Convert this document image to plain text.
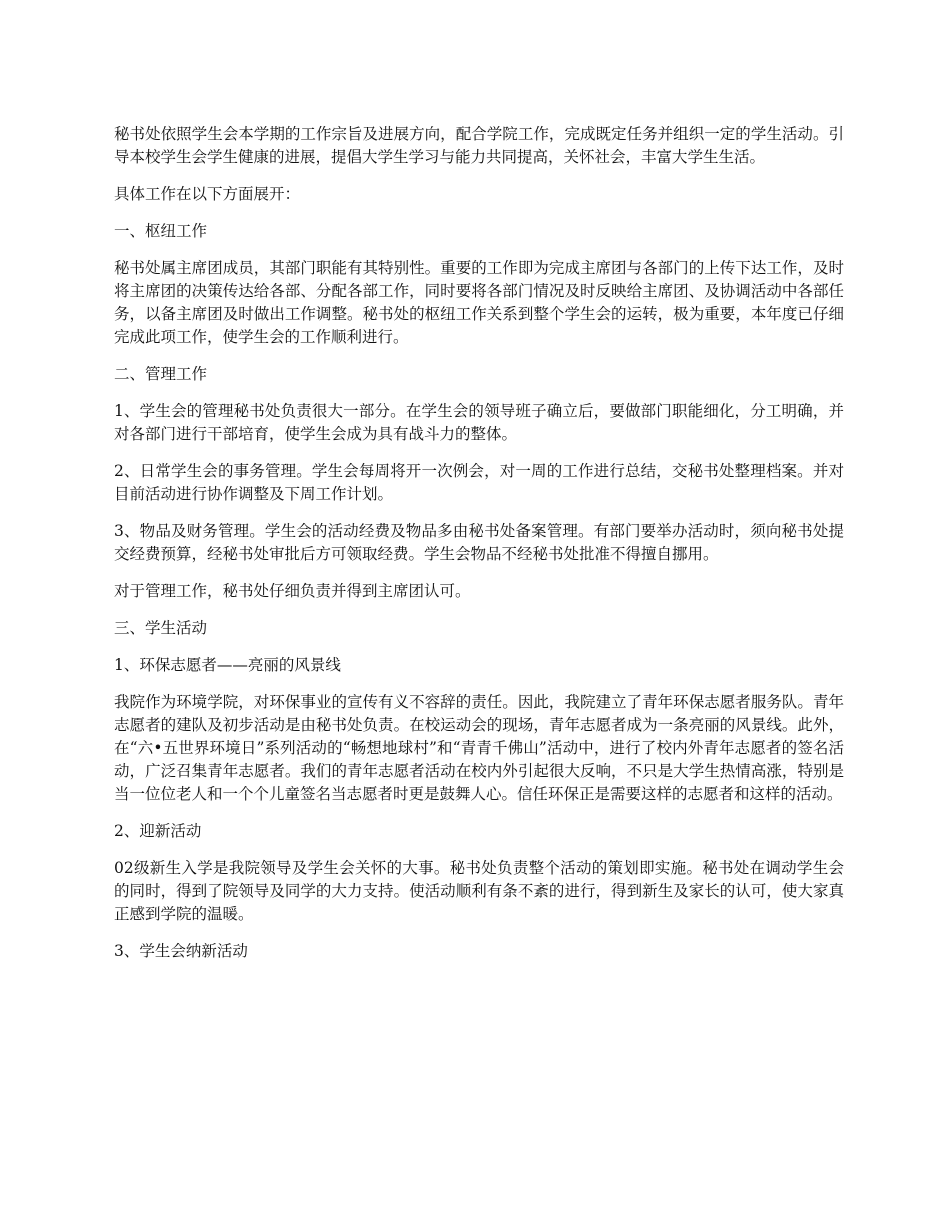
秘书处依照学生会本学期的工作宗旨及进展方向，配合学院工作，完成既定任务并组织一定的学生活动。引导本校学生会学生健康的进展，提倡大学生学习与能力共同提高，关怀社会，丰富大学生生活。

具体工作在以下方面展开：

一、枢纽工作

秘书处属主席团成员，其部门职能有其特别性。重要的工作即为完成主席团与各部门的上传下达工作，及时将主席团的决策传达给各部、分配各部工作，同时要将各部门情况及时反映给主席团、及协调活动中各部任务，以备主席团及时做出工作调整。秘书处的枢纽工作关系到整个学生会的运转，极为重要，本年度已仔细完成此项工作，使学生会的工作顺利进行。

二、管理工作

1、学生会的管理秘书处负责很大一部分。在学生会的领导班子确立后，要做部门职能细化，分工明确，并对各部门进行干部培育，使学生会成为具有战斗力的整体。

2、日常学生会的事务管理。学生会每周将开一次例会，对一周的工作进行总结，交秘书处整理档案。并对目前活动进行协作调整及下周工作计划。

3、物品及财务管理。学生会的活动经费及物品多由秘书处备案管理。有部门要举办活动时，须向秘书处提交经费预算，经秘书处审批后方可领取经费。学生会物品不经秘书处批准不得擅自挪用。

对于管理工作，秘书处仔细负责并得到主席团认可。

三、学生活动

1、环保志愿者——亮丽的风景线

我院作为环境学院，对环保事业的宣传有义不容辞的责任。因此，我院建立了青年环保志愿者服务队。青年志愿者的建队及初步活动是由秘书处负责。在校运动会的现场，青年志愿者成为一条亮丽的风景线。此外，在“六•五世界环境日”系列活动的“畅想地球村”和“青青千佛山”活动中，进行了校内外青年志愿者的签名活动，广泛召集青年志愿者。我们的青年志愿者活动在校内外引起很大反响，不只是大学生热情高涨，特别是当一位位老人和一个个儿童签名当志愿者时更是鼓舞人心。信任环保正是需要这样的志愿者和这样的活动。

2、迎新活动

02级新生入学是我院领导及学生会关怀的大事。秘书处负责整个活动的策划即实施。秘书处在调动学生会的同时，得到了院领导及同学的大力支持。使活动顺利有条不紊的进行，得到新生及家长的认可，使大家真正感到学院的温暖。

3、学生会纳新活动
